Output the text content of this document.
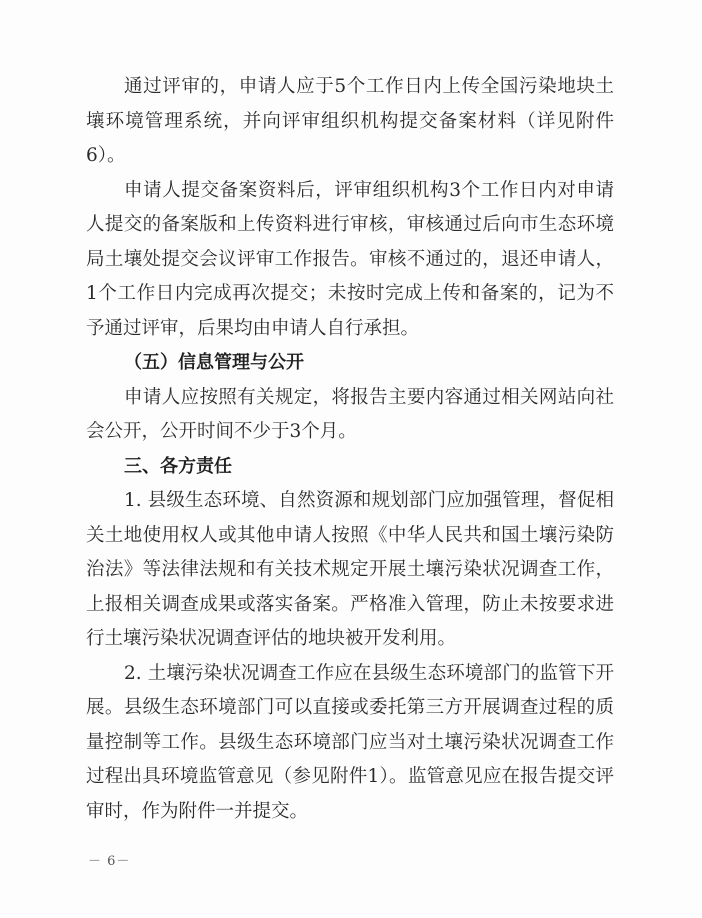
通过评审的，申请人应于5个工作日内上传全国污染地块土壤环境管理系统，并向评审组织机构提交备案材料（详见附件6）。

申请人提交备案资料后，评审组织机构3个工作日内对申请人提交的备案版和上传资料进行审核，审核通过后向市生态环境局土壤处提交会议评审工作报告。审核不通过的，退还申请人，1个工作日内完成再次提交；未按时完成上传和备案的，记为不予通过评审，后果均由申请人自行承担。

（五）信息管理与公开

申请人应按照有关规定，将报告主要内容通过相关网站向社会公开，公开时间不少于3个月。

三、各方责任

1. 县级生态环境、自然资源和规划部门应加强管理，督促相关土地使用权人或其他申请人按照《中华人民共和国土壤污染防治法》等法律法规和有关技术规定开展土壤污染状况调查工作，上报相关调查成果或落实备案。严格准入管理，防止未按要求进行土壤污染状况调查评估的地块被开发利用。

2. 土壤污染状况调查工作应在县级生态环境部门的监管下开展。县级生态环境部门可以直接或委托第三方开展调查过程的质量控制等工作。县级生态环境部门应当对土壤污染状况调查工作过程出具环境监管意见（参见附件1）。监管意见应在报告提交评审时，作为附件一并提交。

－ 6－
